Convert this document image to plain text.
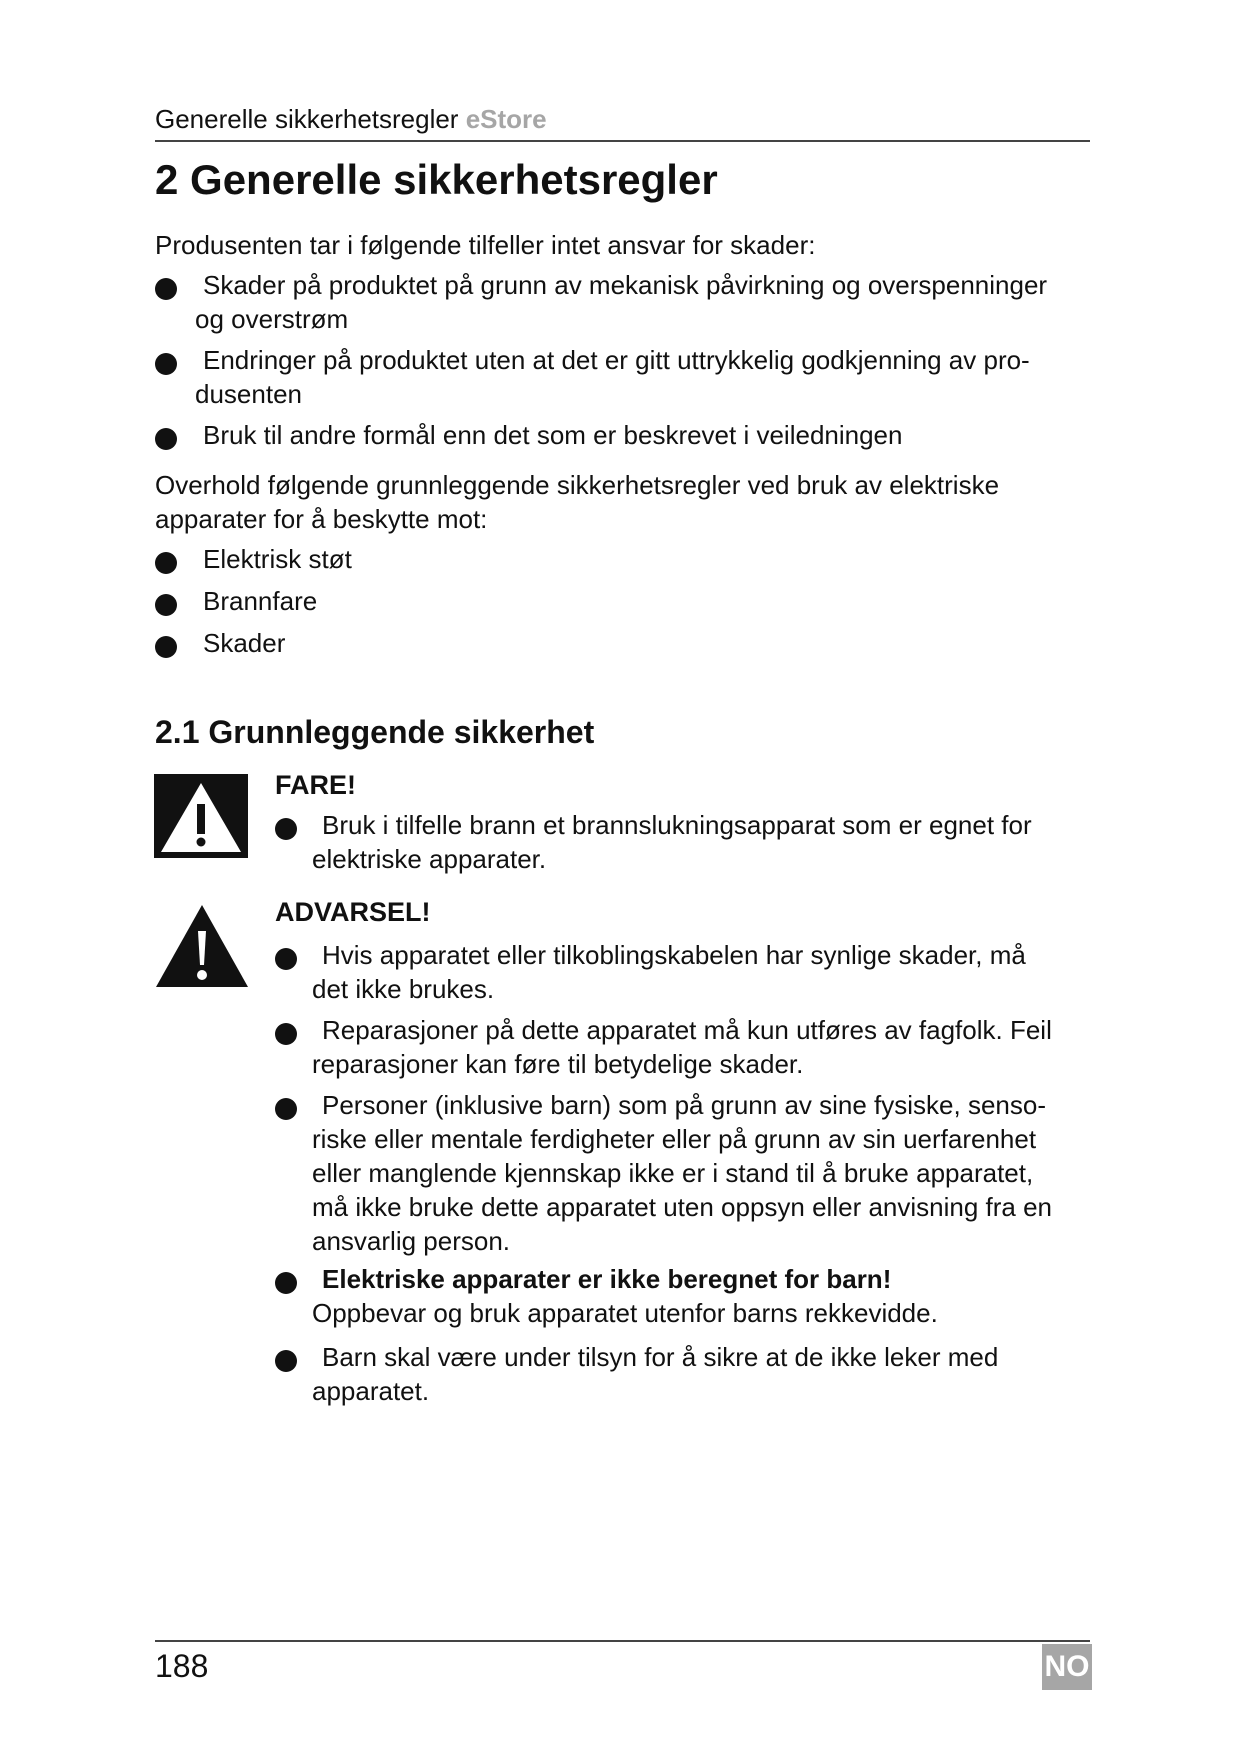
Generelle sikkerhetsregler eStore
2 Generelle sikkerhetsregler

Produsenten tar i følgende tilfeller intet ansvar for skader:

Skader på produktet på grunn av mekanisk påvirkning og overspenninger
og overstrøm

Endringer på produktet uten at det er gitt uttrykkelig godkjenning av pro-
dusenten

Bruk til andre formål enn det som er beskrevet i veiledningen

Overhold følgende grunnleggende sikkerhetsregler ved bruk av elektriske
apparater for å beskytte mot:

Elektrisk støt

Brannfare

Skader

2.1 Grunnleggende sikkerhet

FARE!

Bruk i tilfelle brann et brannslukningsapparat som er egnet for
elektriske apparater.

ADVARSEL!

Hvis apparatet eller tilkoblingskabelen har synlige skader, må
det ikke brukes.

Reparasjoner på dette apparatet må kun utføres av fagfolk. Feil
reparasjoner kan føre til betydelige skader.

Personer (inklusive barn) som på grunn av sine fysiske, senso-
riske eller mentale ferdigheter eller på grunn av sin uerfarenhet
eller manglende kjennskap ikke er i stand til å bruke apparatet,
må ikke bruke dette apparatet uten oppsyn eller anvisning fra en
ansvarlig person.

Elektriske apparater er ikke beregnet for barn!
Oppbevar og bruk apparatet utenfor barns rekkevidde.

Barn skal være under tilsyn for å sikre at de ikke leker med
apparatet.

188	NO
